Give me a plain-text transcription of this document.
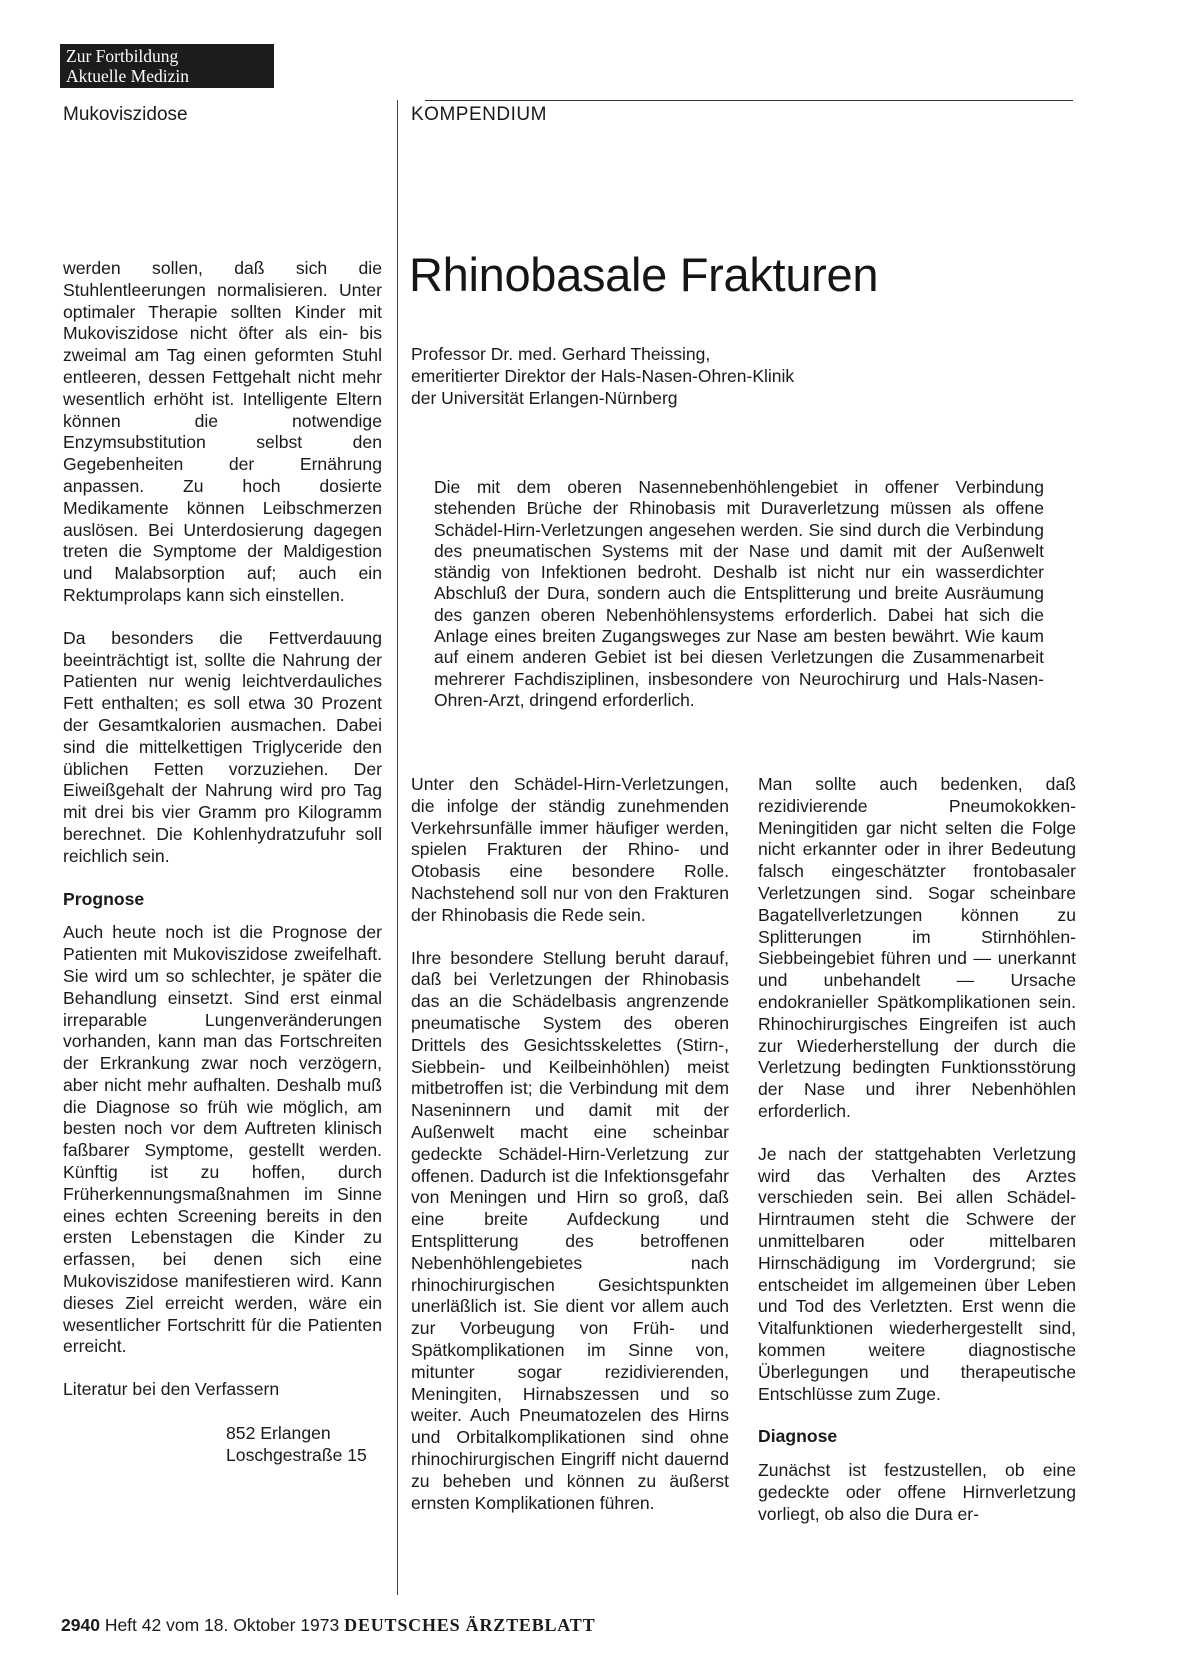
Zur Fortbildung
Aktuelle Medizin
Mukoviszidose	KOMPENDIUM
Rhinobasale Frakturen
Professor Dr. med. Gerhard Theissing,
emeritierter Direktor der Hals-Nasen-Ohren-Klinik
der Universität Erlangen-Nürnberg

Die mit dem oberen Nasennebenhöhlengebiet in offener Verbindung stehenden Brüche der Rhinobasis mit Duraverletzung müssen als offene Schädel-Hirn-Verletzungen angesehen werden. Sie sind durch die Verbindung des pneumatischen Systems mit der Nase und damit mit der Außenwelt ständig von Infektionen bedroht. Deshalb ist nicht nur ein wasserdichter Abschluß der Dura, sondern auch die Entsplitterung und breite Ausräumung des ganzen oberen Nebenhöhlensystems erforderlich. Dabei hat sich die Anlage eines breiten Zugangsweges zur Nase am besten bewährt. Wie kaum auf einem anderen Gebiet ist bei diesen Verletzungen die Zusammenarbeit mehrerer Fachdisziplinen, insbesondere von Neurochirurg und Hals-Nasen-Ohren-Arzt, dringend erforderlich.

werden sollen, daß sich die Stuhlentleerungen normalisieren. Unter optimaler Therapie sollten Kinder mit Mukoviszidose nicht öfter als ein- bis zweimal am Tag einen geformten Stuhl entleeren, dessen Fettgehalt nicht mehr wesentlich erhöht ist. Intelligente Eltern können die notwendige Enzymsubstitution selbst den Gegebenheiten der Ernährung anpassen. Zu hoch dosierte Medikamente können Leibschmerzen auslösen. Bei Unterdosierung dagegen treten die Symptome der Maldigestion und Malabsorption auf; auch ein Rektumprolaps kann sich einstellen.

Da besonders die Fettverdauung beeinträchtigt ist, sollte die Nahrung der Patienten nur wenig leichtverdauliches Fett enthalten; es soll etwa 30 Prozent der Gesamtkalorien ausmachen. Dabei sind die mittelkettigen Triglyceride den üblichen Fetten vorzuziehen. Der Eiweißgehalt der Nahrung wird pro Tag mit drei bis vier Gramm pro Kilogramm berechnet. Die Kohlenhydratzufuhr soll reichlich sein.

Prognose

Auch heute noch ist die Prognose der Patienten mit Mukoviszidose zweifelhaft. Sie wird um so schlechter, je später die Behandlung einsetzt. Sind erst einmal irreparable Lungenveränderungen vorhanden, kann man das Fortschreiten der Erkrankung zwar noch verzögern, aber nicht mehr aufhalten. Deshalb muß die Diagnose so früh wie möglich, am besten noch vor dem Auftreten klinisch faßbarer Symptome, gestellt werden. Künftig ist zu hoffen, durch Früherkennungsmaßnahmen im Sinne eines echten Screening bereits in den ersten Lebenstagen die Kinder zu erfassen, bei denen sich eine Mukoviszidose manifestieren wird. Kann dieses Ziel erreicht werden, wäre ein wesentlicher Fortschritt für die Patienten erreicht.

Literatur bei den Verfassern

852 Erlangen
Loschgestraße 15

Unter den Schädel-Hirn-Verletzungen, die infolge der ständig zunehmenden Verkehrsunfälle immer häufiger werden, spielen Frakturen der Rhino- und Otobasis eine besondere Rolle. Nachstehend soll nur von den Frakturen der Rhinobasis die Rede sein.

Ihre besondere Stellung beruht darauf, daß bei Verletzungen der Rhinobasis das an die Schädelbasis angrenzende pneumatische System des oberen Drittels des Gesichtsskelettes (Stirn-, Siebbein- und Keilbeinhöhlen) meist mitbetroffen ist; die Verbindung mit dem Naseninnern und damit mit der Außenwelt macht eine scheinbar gedeckte Schädel-Hirn-Verletzung zur offenen. Dadurch ist die Infektionsgefahr von Meningen und Hirn so groß, daß eine breite Aufdeckung und Entsplitterung des betroffenen Nebenhöhlengebietes nach rhinochirurgischen Gesichtspunkten unerläßlich ist. Sie dient vor allem auch zur Vorbeugung von Früh- und Spätkomplikationen im Sinne von, mitunter sogar rezidivierenden, Meningiten, Hirnabszessen und so weiter. Auch Pneumatozelen des Hirns und Orbitalkomplikationen sind ohne rhinochirurgischen Eingriff nicht dauernd zu beheben und können zu äußerst ernsten Komplikationen führen.

Man sollte auch bedenken, daß rezidivierende Pneumokokken-Meningitiden gar nicht selten die Folge nicht erkannter oder in ihrer Bedeutung falsch eingeschätzter frontobasaler Verletzungen sind. Sogar scheinbare Bagatellverletzungen können zu Splitterungen im Stirnhöhlen-Siebbeingebiet führen und — unerkannt und unbehandelt — Ursache endokranieller Spätkomplikationen sein. Rhinochirurgisches Eingreifen ist auch zur Wiederherstellung der durch die Verletzung bedingten Funktionsstörung der Nase und ihrer Nebenhöhlen erforderlich.

Je nach der stattgehabten Verletzung wird das Verhalten des Arztes verschieden sein. Bei allen Schädel-Hirntraumen steht die Schwere der unmittelbaren oder mittelbaren Hirnschädigung im Vordergrund; sie entscheidet im allgemeinen über Leben und Tod des Verletzten. Erst wenn die Vitalfunktionen wiederhergestellt sind, kommen weitere diagnostische Überlegungen und therapeutische Entschlüsse zum Zuge.

Diagnose

Zunächst ist festzustellen, ob eine gedeckte oder offene Hirnverletzung vorliegt, ob also die Dura er-

2940 Heft 42 vom 18. Oktober 1973 DEUTSCHES ÄRZTEBLATT
